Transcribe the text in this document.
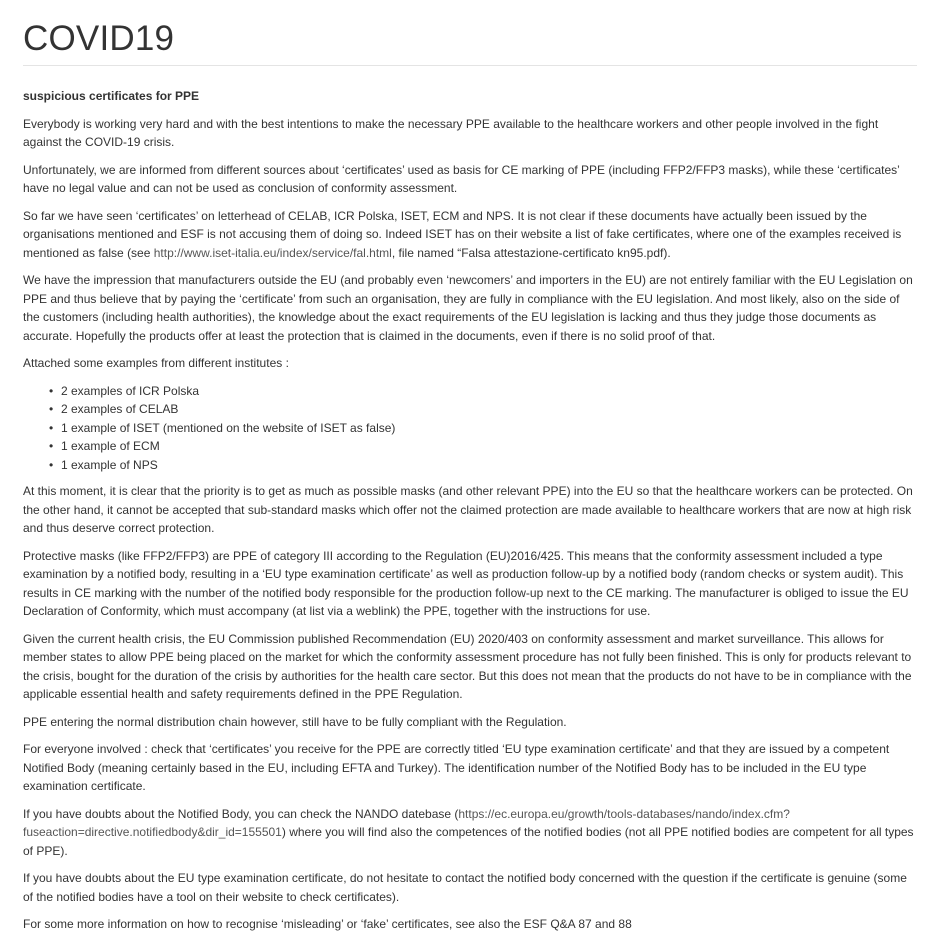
COVID19

suspicious certificates for PPE

Everybody is working very hard and with the best intentions to make the necessary PPE available to the healthcare workers and other people involved in the fight against the COVID-19 crisis.

Unfortunately, we are informed from different sources about ‘certificates’ used as basis for CE marking of PPE (including FFP2/FFP3 masks), while these ‘certificates’ have no legal value and can not be used as conclusion of conformity assessment.

So far we have seen ‘certificates’ on letterhead of CELAB, ICR Polska, ISET, ECM and NPS. It is not clear if these documents have actually been issued by the organisations mentioned and ESF is not accusing them of doing so. Indeed ISET has on their website a list of fake certificates, where one of the examples received is mentioned as false (see http://www.iset-italia.eu/index/service/fal.html, file named “Falsa attestazione-certificato kn95.pdf).

We have the impression that manufacturers outside the EU (and probably even ‘newcomers’ and importers in the EU) are not entirely familiar with the EU Legislation on PPE and thus believe that by paying the ‘certificate’ from such an organisation, they are fully in compliance with the EU legislation. And most likely, also on the side of the customers (including health authorities), the knowledge about the exact requirements of the EU legislation is lacking and thus they judge those documents as accurate. Hopefully the products offer at least the protection that is claimed in the documents, even if there is no solid proof of that.

Attached some examples from different institutes :

• 2 examples of ICR Polska
• 2 examples of CELAB
• 1 example of ISET (mentioned on the website of ISET as false)
• 1 example of ECM
• 1 example of NPS

At this moment, it is clear that the priority is to get as much as possible masks (and other relevant PPE) into the EU so that the healthcare workers can be protected. On the other hand, it cannot be accepted that sub-standard masks which offer not the claimed protection are made available to healthcare workers that are now at high risk and thus deserve correct protection.

Protective masks (like FFP2/FFP3) are PPE of category III according to the Regulation (EU)2016/425. This means that the conformity assessment included a type examination by a notified body, resulting in a ‘EU type examination certificate’ as well as production follow-up by a notified body (random checks or system audit). This results in CE marking with the number of the notified body responsible for the production follow-up next to the CE marking. The manufacturer is obliged to issue the EU Declaration of Conformity, which must accompany (at list via a weblink) the PPE, together with the instructions for use.

Given the current health crisis, the EU Commission published Recommendation (EU) 2020/403 on conformity assessment and market surveillance. This allows for member states to allow PPE being placed on the market for which the conformity assessment procedure has not fully been finished. This is only for products relevant to the crisis, bought for the duration of the crisis by authorities for the health care sector. But this does not mean that the products do not have to be in compliance with the applicable essential health and safety requirements defined in the PPE Regulation.

PPE entering the normal distribution chain however, still have to be fully compliant with the Regulation.

For everyone involved : check that ‘certificates’ you receive for the PPE are correctly titled ‘EU type examination certificate’ and that they are issued by a competent Notified Body (meaning certainly based in the EU, including EFTA and Turkey). The identification number of the Notified Body has to be included in the EU type examination certificate.

If you have doubts about the Notified Body, you can check the NANDO datebase (https://ec.europa.eu/growth/tools-databases/nando/index.cfm?fuseaction=directive.notifiedbody&dir_id=155501) where you will find also the competences of the notified bodies (not all PPE notified bodies are competent for all types of PPE).

If you have doubts about the EU type examination certificate, do not hesitate to contact the notified body concerned with the question if the certificate is genuine (some of the notified bodies have a tool on their website to check certificates).

For some more information on how to recognise ‘misleading’ or ‘fake’ certificates, see also the ESF Q&A 87 and 88
